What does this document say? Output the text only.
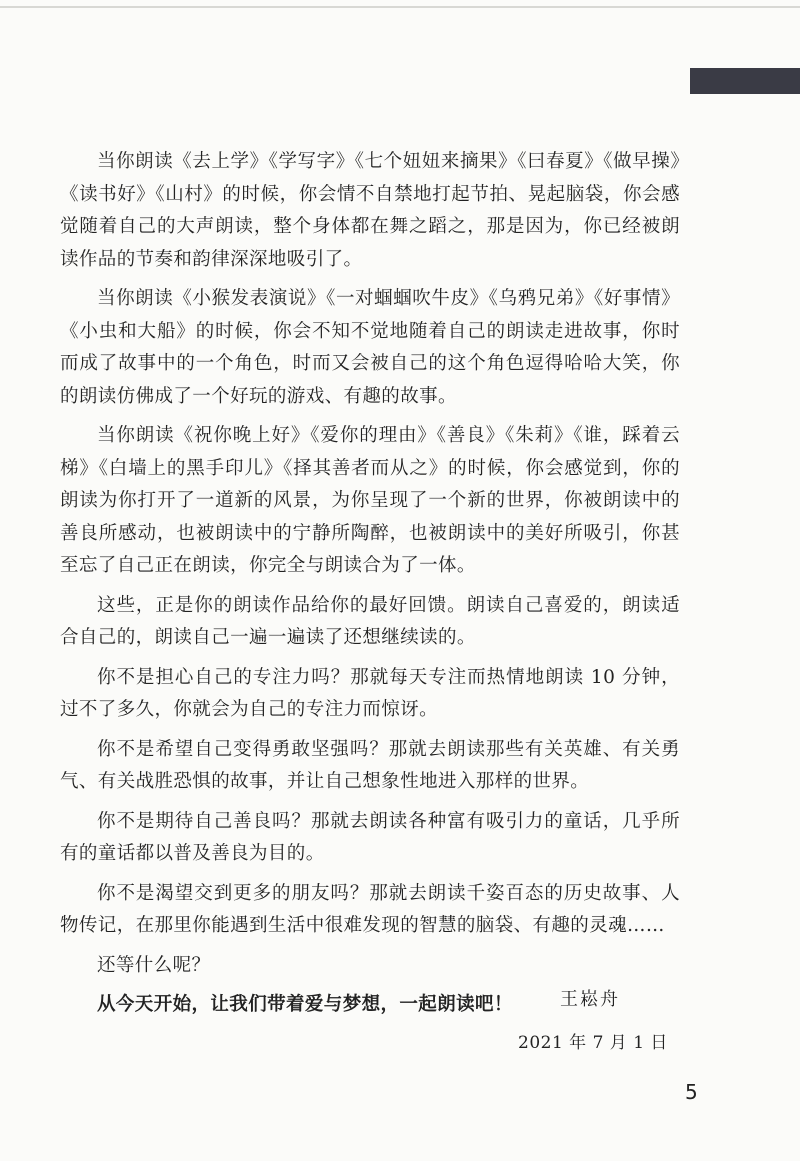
当你朗读《去上学》《学写字》《七个妞妞来摘果》《曰春夏》《做早操》《读书好》《山村》的时候，你会情不自禁地打起节拍、晃起脑袋，你会感觉随着自己的大声朗读，整个身体都在舞之蹈之，那是因为，你已经被朗读作品的节奏和韵律深深地吸引了。

当你朗读《小猴发表演说》《一对蝈蝈吹牛皮》《乌鸦兄弟》《好事情》《小虫和大船》的时候，你会不知不觉地随着自己的朗读走进故事，你时而成了故事中的一个角色，时而又会被自己的这个角色逗得哈哈大笑，你的朗读仿佛成了一个好玩的游戏、有趣的故事。

当你朗读《祝你晚上好》《爱你的理由》《善良》《朱莉》《谁，踩着云梯》《白墙上的黑手印儿》《择其善者而从之》的时候，你会感觉到，你的朗读为你打开了一道新的风景，为你呈现了一个新的世界，你被朗读中的善良所感动，也被朗读中的宁静所陶醉，也被朗读中的美好所吸引，你甚至忘了自己正在朗读，你完全与朗读合为了一体。

这些，正是你的朗读作品给你的最好回馈。朗读自己喜爱的，朗读适合自己的，朗读自己一遍一遍读了还想继续读的。

你不是担心自己的专注力吗？那就每天专注而热情地朗读 10 分钟，过不了多久，你就会为自己的专注力而惊讶。

你不是希望自己变得勇敢坚强吗？那就去朗读那些有关英雄、有关勇气、有关战胜恐惧的故事，并让自己想象性地进入那样的世界。

你不是期待自己善良吗？那就去朗读各种富有吸引力的童话，几乎所有的童话都以普及善良为目的。

你不是渴望交到更多的朋友吗？那就去朗读千姿百态的历史故事、人物传记，在那里你能遇到生活中很难发现的智慧的脑袋、有趣的灵魂……

还等什么呢？

从今天开始，让我们带着爱与梦想，一起朗读吧！	王崧舟
2021 年 7 月 1 日
5
